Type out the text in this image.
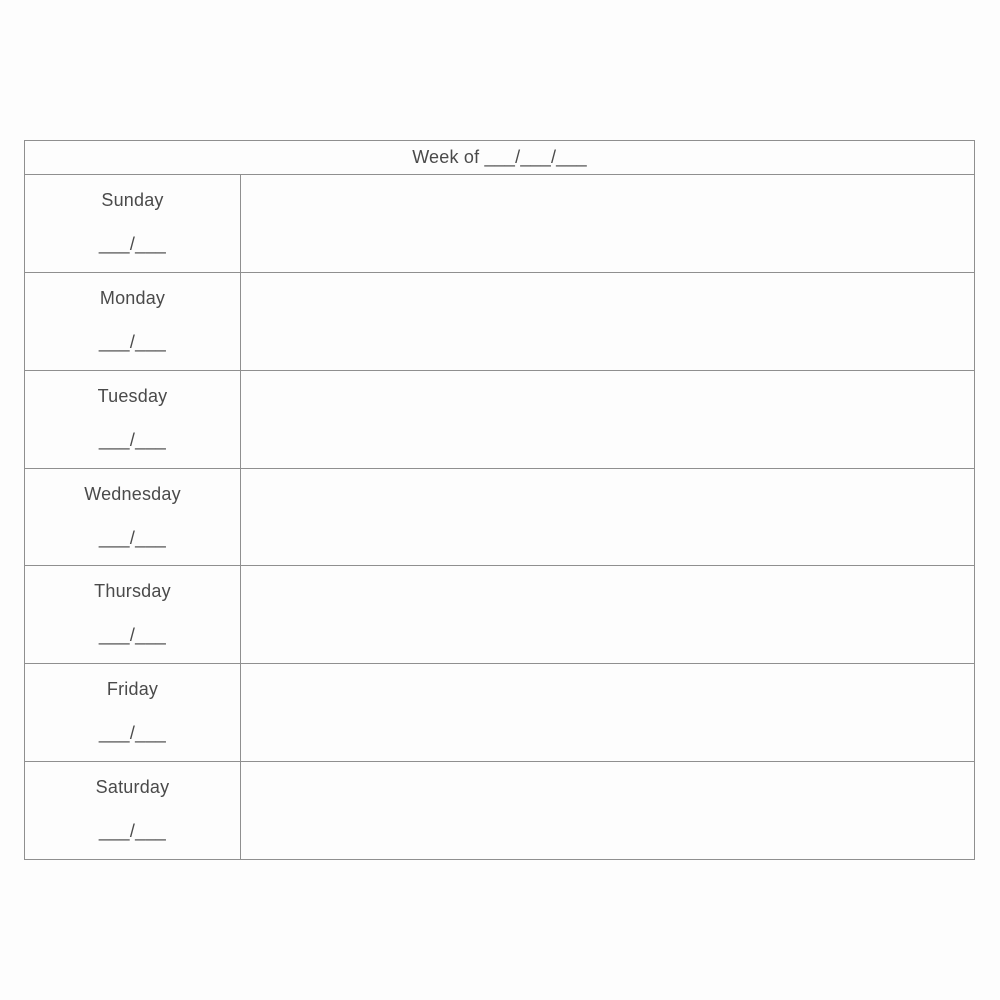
Week of ___/___/___
Sunday
___/___
Monday
___/___
Tuesday
___/___
Wednesday
___/___
Thursday
___/___
Friday
___/___
Saturday
___/___
